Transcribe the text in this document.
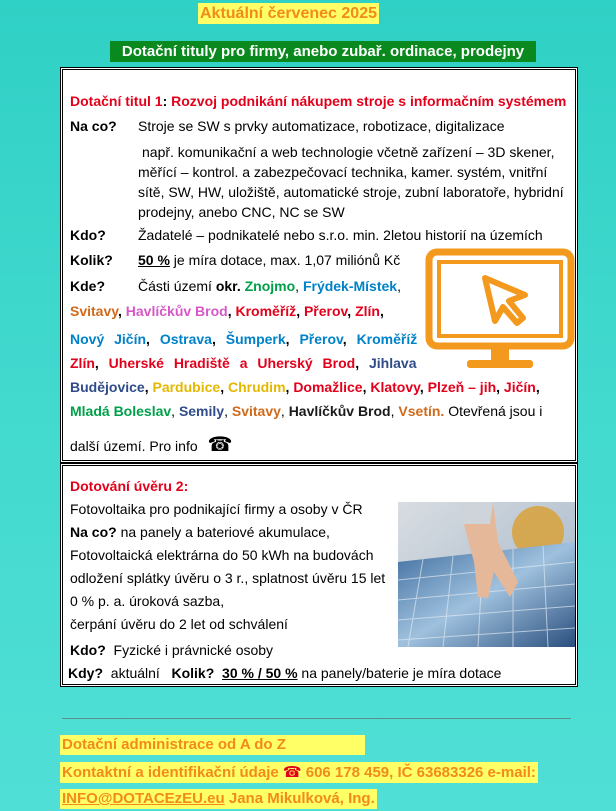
Aktuální červenec 2025
Dotační tituly pro firmy, anebo zubař. ordinace, prodejny
Dotační titul 1: Rozvoj podnikání nákupem stroje s informačním systémem
Na co? Stroje se SW s prvky automatizace, robotizace, digitalizace
např. komunikační a web technologie včetně zařízení – 3D skener,
měřící – kontrol. a zabezpečovací technika, kamer. systém, vnitřní
sítě, SW, HW, uložiště, automatické stroje, zubní laboratoře, hybridní
prodejny, anebo CNC, NC se SW
Kdo? Žadatelé – podnikatelé nebo s.r.o. min. 2letou historií na územích
Kolik? 50 % je míra dotace, max. 1,07 miliónů Kč
Kde? Části území okr. Znojmo, Frýdek-Místek,
Svitavy, Havlíčkův Brod, Kroměříž, Přerov, Zlín,
Nový Jičín, Ostrava, Šumperk, Přerov, Kroměříž
Zlín, Uherské Hradiště a Uherský Brod, Jihlava
Budějovice, Pardubice, Chrudim, Domažlice, Klatovy, Plzeň – jih, Jičín,
Mladá Boleslav, Semily, Svitavy, Havlíčkův Brod, Vsetín. Otevřená jsou i
další území. Pro info ☎
Dotování úvěru 2:
Fotovoltaika pro podnikající firmy a osoby v ČR
Na co? na panely a bateriové akumulace,
Fotovoltaická elektrárna do 50 kWh na budovách
odložení splátky úvěru o 3 r., splatnost úvěru 15 let
0 % p. a. úroková sazba,
čerpání úvěru do 2 let od schválení
Kdo?  Fyzické i právnické osoby
Kdy?  aktuální   Kolik? 30 % / 50 % na panely/baterie je míra dotace
Dotační administrace od A do Z
Kontaktní a identifikační údaje ☎ 606 178 459, IČ 63683326 e-mail:
INFO@DOTACEzEU.eu Jana Mikulková, Ing.
